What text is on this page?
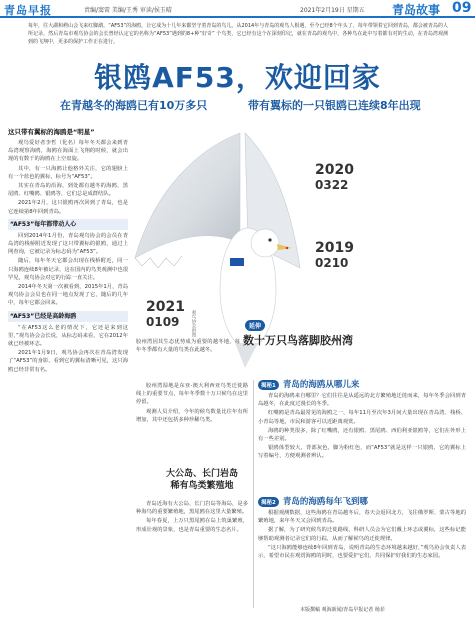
青岛早报	责编/窦雷 美编/王秀 审读/侯玉晴	2021年2月19日 星期五 青岛故事 09
每年，往大湖和崂山会飞来红脚鹬。“AF53”的海鸥，让它成为十几年来都坚守着青岛的鸟儿。从2014年与青岛的观鸟人相遇，至今已经8个年头了，每年带领着它回到青岛，都会被青岛的人所记录，然后青岛市观鸟协会的会长曾经认定它的名称为“AF53”遇到的8+种“好奇” 个鸟类，它已经有这个在深刻印记，就在青岛的观鸟中，各种鸟在此中写着都有对的生动，在青岛湾观测到的飞翔中，更多的保护工作正在进行。
银鸥AF53，欢迎回家
在青越冬的海鸥已有10万多只	带有翼标的一只银鸥已连续8年出现
这只带有翼标的海鸥是“明星”

观鸟爱好者李哲（化名）每年冬天都会来到青岛湾观察海鸥，海鸥在海面上飞翔的时候，就会出现的有数千的海鸥在上空盘旋。

其中，有一只海鸥让他格外关注，它的翅膀上有一个蓝色的翼标，标号为“AF53”。

其实在青岛的沿海，到处都有越冬的海鸥，黑尾鸥、红嘴鸥、银鸥等，它们总是成群结队。

2021年2月，这只银鸥再次回到了青岛，也是它连续第8年回到青岛。

“AF53”每年都带动人心

回到2014年1月份，青岛观鸟协会的会员在青岛湾的栈桥附近发现了这只带翼标的银鸥，通过上网查询，它被记录为标志码为“AF53”。

随后，每年冬天它都会出现在栈桥附近，同一只海鸥连续8年被记录，这在国内的鸟类观测中也很罕见，观鸟协会对它的行踪一直关注。

2014年冬天第一次被看到，2015年1月，青岛观鸟协会会员也在同一地点发现了它，随后的几年中，每年它都会回来。

“AF53”已经是高龄海鸥

“在AF53这么老的情况下，它还是来到这里，”观鸟协会会长说，从标志码来看，它在2012年就已经被环志。

2021年1月9日，观鸟协会再次在青岛湾发现了“AF53”的身影，看到它的翼标清晰可见，这只海鸥已经非常有名。

2020
0322
2019
0210
2021
0109	观鸟协会供图	延伸
数十万只鸟落脚胶州湾
胶州湾因其生态优势成为重要的越冬地，每年冬季都有大量的鸟类在此越冬。

胶州湾湿地是东亚-澳大利西亚鸟类迁徙路线上的重要节点，每年冬季数十万只候鸟在这里停留。

观测人员介绍，今年的候鸟数量比往年有所增加，其中还包括多种珍稀鸟类。

大公岛、长门岩岛稀有鸟类繁殖地

青岛近海有大公岛、长门岩岛等海岛，是多种海鸟的重要繁殖地，黑尾鸥在这里大量繁殖。

每年春夏，上万只黑尾鸥在岛上筑巢繁殖，形成壮观的景象，也是青岛重要的生态名片。

揭秘1 青岛的海鸥从哪儿来

青岛的海鸥来自哪里？它们往往是从遥远的北方繁殖地迁徙而来，每年冬季会回到青岛越冬，在此度过漫长的冬季。

红嘴鸥是青岛最常见的海鸥之一，每年11月至次年3月间大量出现在青岛湾、栈桥、小青岛等地，市民和游客可以近距离观赏。

海鸥的种类很多，除了红嘴鸥，还有银鸥、黑尾鸥、西伯利亚银鸥等，它们在外形上有一些差别。

银鸥体型较大，背部灰色，脚为粉红色，而“AF53”就是这样一只银鸥，它的翼标上写着编号，方便观测者辨认。

揭秘2 青岛的海鸥每年飞到哪

根据观测数据，这些海鸥在青岛越冬后，春天会返回北方，飞往俄罗斯、蒙古等地的繁殖地，来年冬天又会回到青岛。

据了解，为了研究候鸟的迁徙路线，科研人员会为它们戴上环志或翼标，这些标记能够帮助观测者记录它们的行踪，从而了解候鸟的迁徙规律。

“这只海鸥能够连续8年回到青岛，说明青岛的生态环境越来越好，”观鸟协会负责人表示，希望市民在观赏海鸥的同时，也要爱护它们，共同保护好我们的生态家园。

本版撰稿 观海新闻/青岛早报记者 杨菲
